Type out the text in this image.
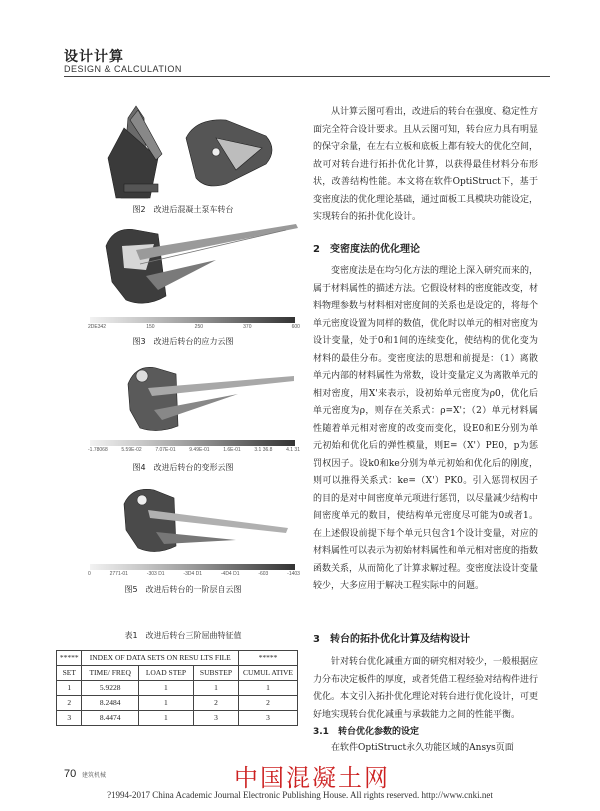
设计计算
DESIGN & CALCULATION
图2　改进后混凝土泵车转台
2DE342	150	250	370	600
图3　改进后转台的应力云图
-1.78068	5.59E-02	7.07E-01	9.49E-01	1.6E-01	3.1 36.8	4.1 31
图4　改进后转台的变形云图
0	2771-01	-303 D1	-3D4 D1	-4D4 D1	-603	-1403
图5　改进后转台的一阶层自云图
表1　改进后转台三阶屈曲特征值
*****	INDEX OF DATA SETS ON RESU LTS FILE			*****
SET	TIME/ FREQ	LOAD STEP	SUBSTEP	CUMUL ATIVE
1	5.9228	1	1	1
2	8.2484	1	2	2
3	8.4474	1	3	3

从计算云图可看出，改进后的转台在强度、稳定性方面完全符合设计要求。且从云图可知，转台应力具有明显的保守余量，在左右立板和底板上都有较大的优化空间，故可对转台进行拓扑优化计算，以获得最佳材料分布形状，改善结构性能。本文将在软件OptiStruct下，基于变密度法的优化理论基础，通过面板工具模块功能设定，实现转台的拓扑优化设计。

2　变密度法的优化理论

变密度法是在均匀化方法的理论上深入研究而来的，属于材料属性的描述方法。它假设材料的密度能改变，材料物理参数与材料相对密度间的关系也是设定的，将每个单元密度设置为同样的数值，优化时以单元的相对密度为设计变量，处于0和1间的连续变化，使结构的优化变为材料的最佳分布。变密度法的思想和前提是：（1）离散单元内部的材料属性为常数，设计变量定义为离散单元的相对密度，用X'来表示，设初始单元密度为ρ0，优化后单元密度为ρ，则存在关系式：ρ=X'；（2）单元材料属性随着单元相对密度的改变而变化，设E0和E分别为单元初始和优化后的弹性模量，则E=（X'）PE0，p为惩罚权因子。设k0和ke分别为单元初始和优化后的刚度，则可以推得关系式：ke=（X'）PK0。引入惩罚权因子的目的是对中间密度单元项进行惩罚，以尽量减少结构中间密度单元的数目，使结构单元密度尽可能为0或者1。在上述假设前提下每个单元只包含1个设计变量，对应的材料属性可以表示为初始材料属性和单元相对密度的指数函数关系，从而简化了计算求解过程。变密度法设计变量较少，大多应用于解决工程实际中的问题。

3　转台的拓扑优化计算及结构设计

针对转台优化减重方面的研究相对较少，一般根据应力分布决定板件的厚度，或者凭借工程经验对结构件进行优化。本文引入拓扑优化理论对转台进行优化设计，可更好地实现转台优化减重与承载能力之间的性能平衡。

3.1　转台优化参数的设定

在软件OptiStruct永久功能区域的Ansys页面

70 建筑机械	中国混凝土网
?1994-2017 China Academic Journal Electronic Publishing House. All rights reserved. http://www.cnki.net
